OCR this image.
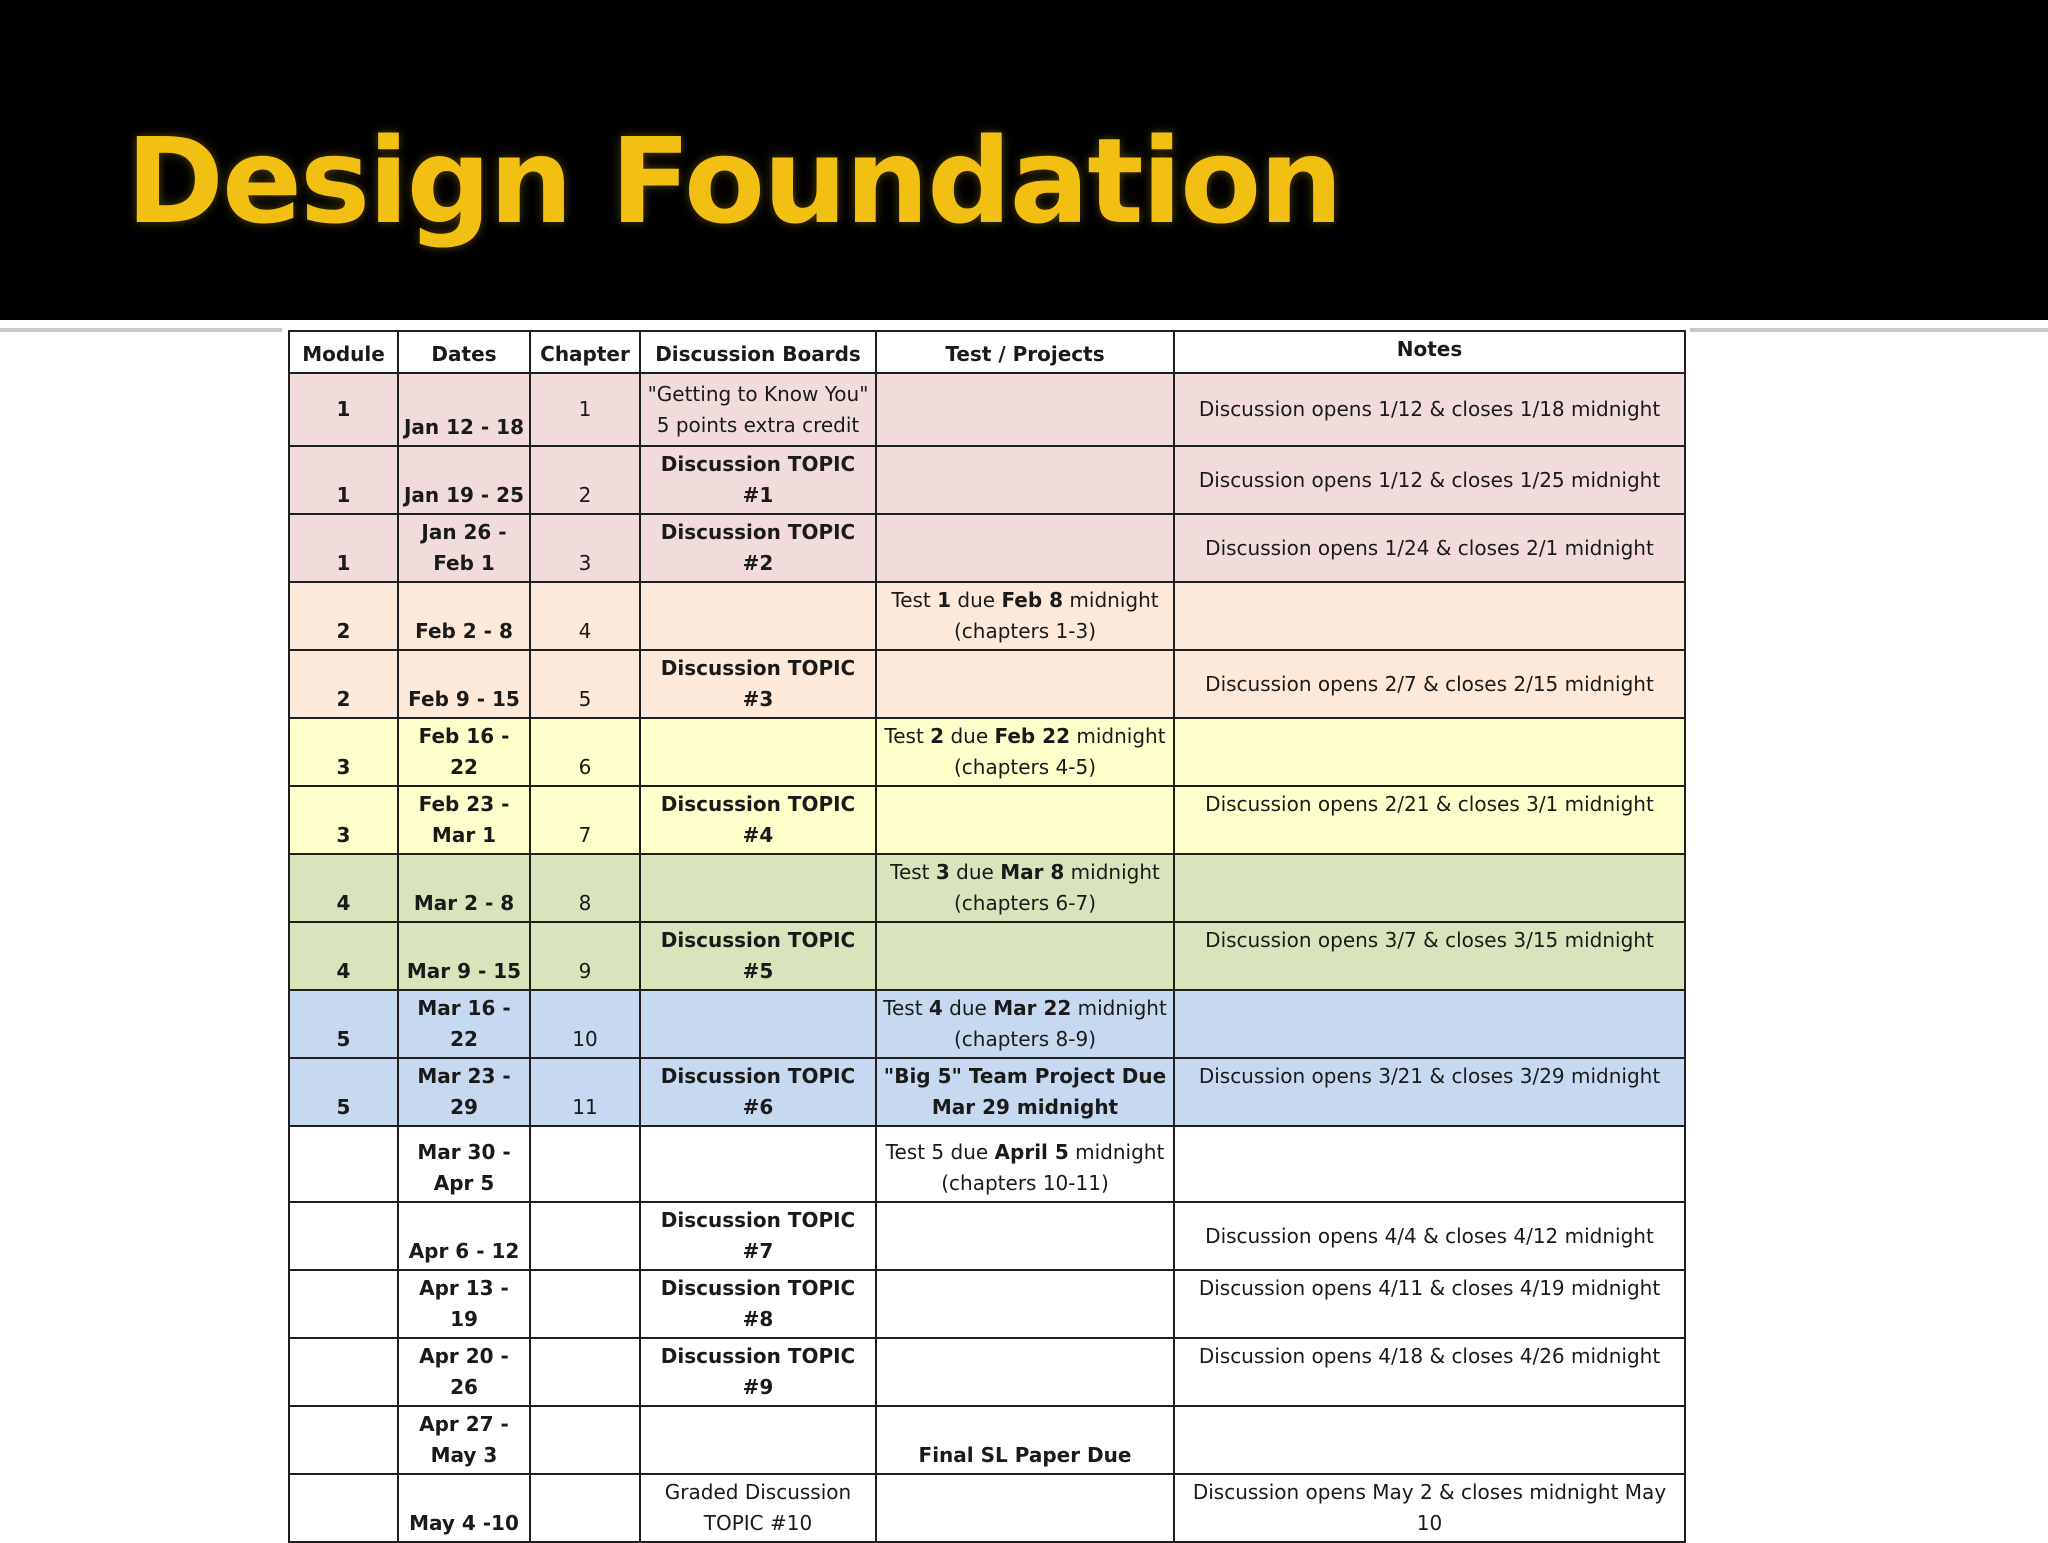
Design Foundation
Module	Dates	Chapter	Discussion Boards	Test / Projects	Notes
1	Jan 12 - 18	1	"Getting to Know You" 5 points extra credit		Discussion opens 1/12 & closes 1/18 midnight
1	Jan 19 - 25	2	Discussion TOPIC #1		Discussion opens 1/12 & closes 1/25 midnight
1	Jan 26 - Feb 1	3	Discussion TOPIC #2		Discussion opens 1/24 & closes 2/1 midnight
2	Feb 2 - 8	4		Test 1 due Feb 8 midnight (chapters 1-3)	
2	Feb 9 - 15	5	Discussion TOPIC #3		Discussion opens 2/7 & closes 2/15 midnight
3	Feb 16 - 22	6		Test 2 due Feb 22 midnight (chapters 4-5)	
3	Feb 23 - Mar 1	7	Discussion TOPIC #4		Discussion opens 2/21 & closes 3/1 midnight
4	Mar 2 - 8	8		Test 3 due Mar 8 midnight (chapters 6-7)	
4	Mar 9 - 15	9	Discussion TOPIC #5		Discussion opens 3/7 & closes 3/15 midnight
5	Mar 16 - 22	10		Test 4 due Mar 22 midnight (chapters 8-9)	
5	Mar 23 - 29	11	Discussion TOPIC #6	"Big 5" Team Project Due Mar 29 midnight	Discussion opens 3/21 & closes 3/29 midnight
	Mar 30 - Apr 5			Test 5 due April 5 midnight (chapters 10-11)	
	Apr 6 - 12		Discussion TOPIC #7		Discussion opens 4/4 & closes 4/12 midnight
	Apr 13 - 19		Discussion TOPIC #8		Discussion opens 4/11 & closes 4/19 midnight
	Apr 20 - 26		Discussion TOPIC #9		Discussion opens 4/18 & closes 4/26 midnight
	Apr 27 - May 3			Final SL Paper Due	
	May 4 -10		Graded Discussion TOPIC #10		Discussion opens May 2 & closes midnight May 10
